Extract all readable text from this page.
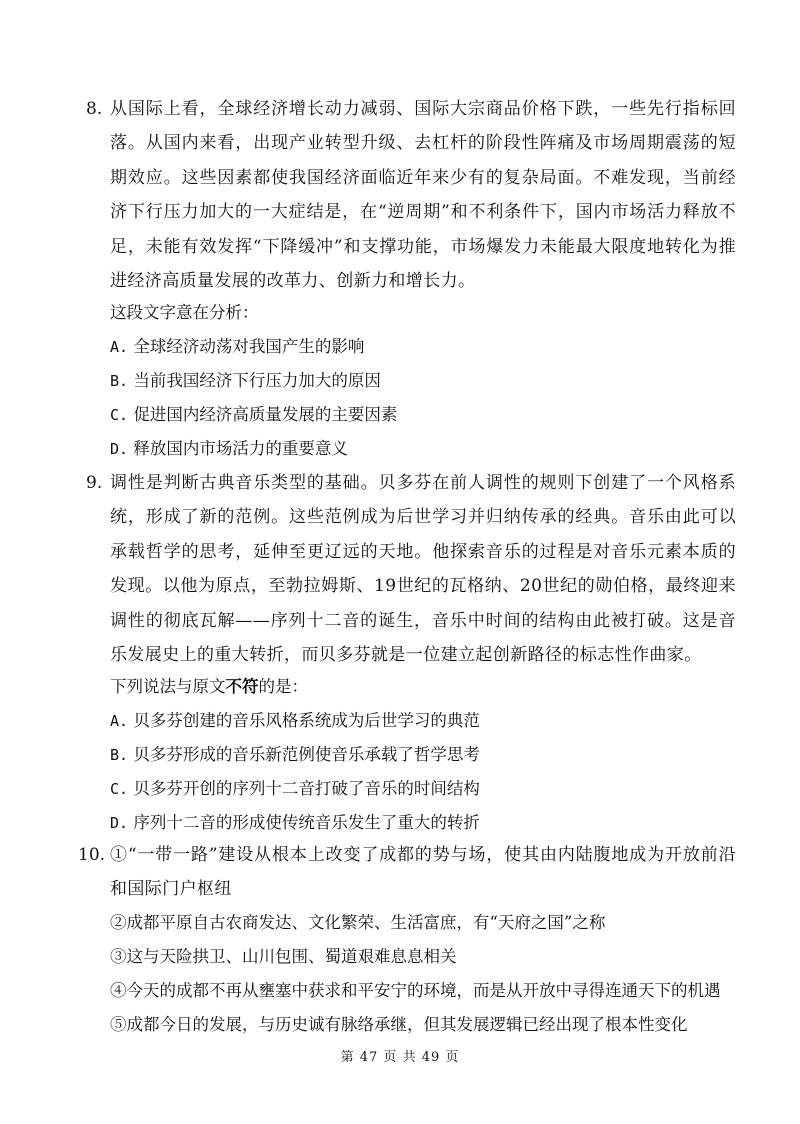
8. 从国际上看，全球经济增长动力减弱、国际大宗商品价格下跌，一些先行指标回落。从国内来看，出现产业转型升级、去杠杆的阶段性阵痛及市场周期震荡的短期效应。这些因素都使我国经济面临近年来少有的复杂局面。不难发现，当前经济下行压力加大的一大症结是，在“逆周期”和不利条件下，国内市场活力释放不足，未能有效发挥“下降缓冲”和支撑功能，市场爆发力未能最大限度地转化为推进经济高质量发展的改革力、创新力和增长力。
这段文字意在分析：
A. 全球经济动荡对我国产生的影响
B. 当前我国经济下行压力加大的原因
C. 促进国内经济高质量发展的主要因素
D. 释放国内市场活力的重要意义
9. 调性是判断古典音乐类型的基础。贝多芬在前人调性的规则下创建了一个风格系统，形成了新的范例。这些范例成为后世学习并归纳传承的经典。音乐由此可以承载哲学的思考，延伸至更辽远的天地。他探索音乐的过程是对音乐元素本质的发现。以他为原点，至勃拉姆斯、19世纪的瓦格纳、20世纪的勋伯格，最终迎来调性的彻底瓦解——序列十二音的诞生，音乐中时间的结构由此被打破。这是音乐发展史上的重大转折，而贝多芬就是一位建立起创新路径的标志性作曲家。
下列说法与原文不符的是：
A. 贝多芬创建的音乐风格系统成为后世学习的典范
B. 贝多芬形成的音乐新范例使音乐承载了哲学思考
C. 贝多芬开创的序列十二音打破了音乐的时间结构
D. 序列十二音的形成使传统音乐发生了重大的转折
10. ①“一带一路”建设从根本上改变了成都的势与场，使其由内陆腹地成为开放前沿和国际门户枢纽
②成都平原自古农商发达、文化繁荣、生活富庶，有“天府之国”之称
③这与天险拱卫、山川包围、蜀道艰难息息相关
④今天的成都不再从壅塞中获求和平安宁的环境，而是从开放中寻得连通天下的机遇
⑤成都今日的发展，与历史诚有脉络承继，但其发展逻辑已经出现了根本性变化
第 47 页 共 49 页
